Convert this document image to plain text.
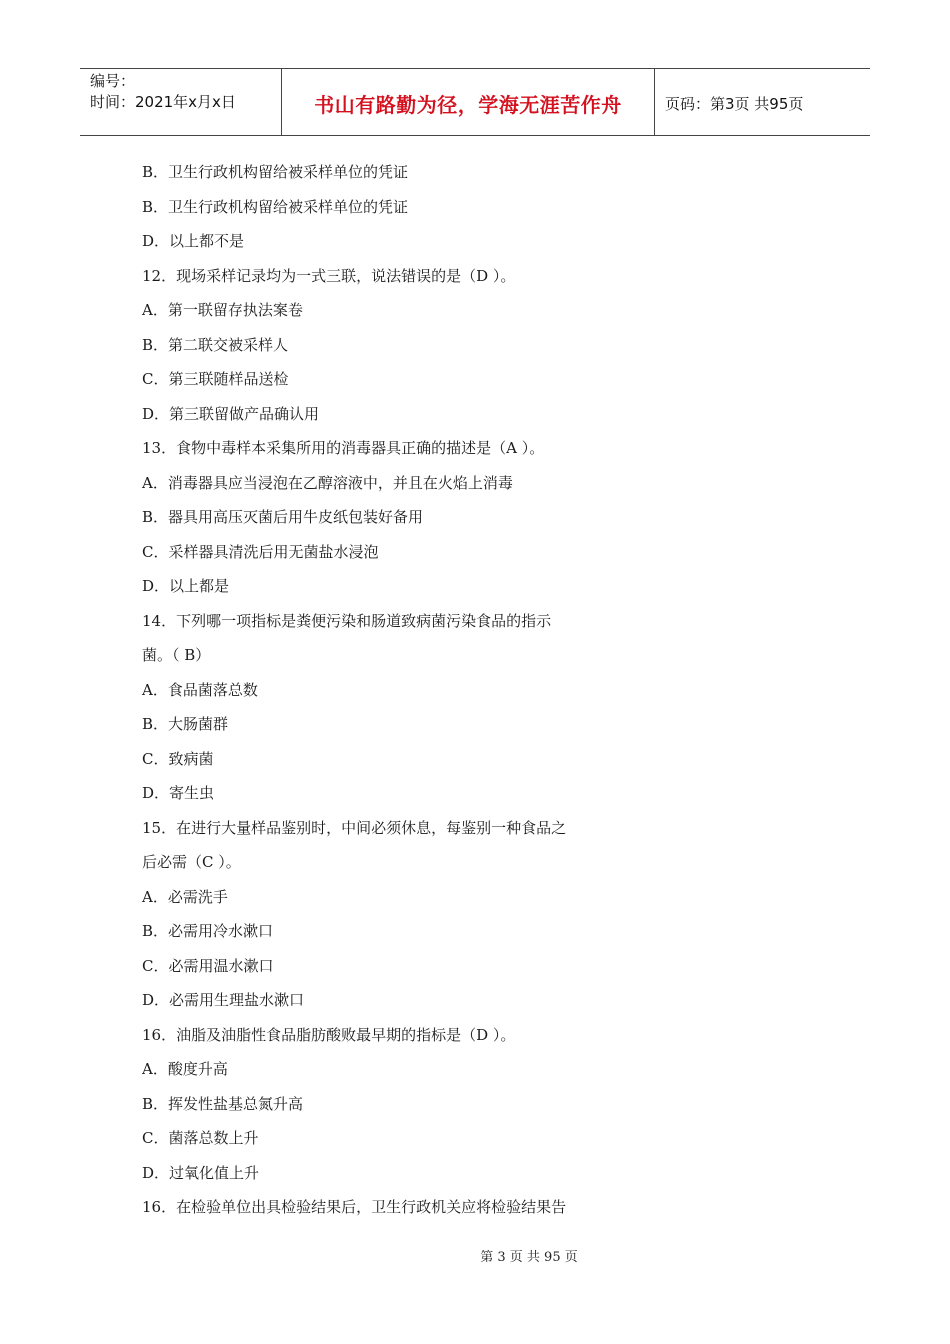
编号：
时间：2021年x月x日	书山有路勤为径，学海无涯苦作舟	页码：第3页 共95页
B．卫生行政机构留给被采样单位的凭证
B．卫生行政机构留给被采样单位的凭证
D．以上都不是
12．现场采样记录均为一式三联，说法错误的是（D ）。
A．第一联留存执法案卷
B．第二联交被采样人
C．第三联随样品送检
D．第三联留做产品确认用
13．食物中毒样本采集所用的消毒器具正确的描述是（A ）。
A．消毒器具应当浸泡在乙醇溶液中，并且在火焰上消毒
B．器具用高压灭菌后用牛皮纸包装好备用
C．采样器具清洗后用无菌盐水浸泡
D．以上都是
14．下列哪一项指标是粪便污染和肠道致病菌污染食品的指示
菌。（ B）
A．食品菌落总数
B．大肠菌群
C．致病菌
D．寄生虫
15．在进行大量样品鉴别时，中间必须休息，每鉴别一种食品之
后必需（C ）。
A．必需洗手
B．必需用冷水漱口
C．必需用温水漱口
D．必需用生理盐水漱口
16．油脂及油脂性食品脂肪酸败最早期的指标是（D ）。
A．酸度升高
B．挥发性盐基总氮升高
C．菌落总数上升
D．过氧化值上升
16．在检验单位出具检验结果后，卫生行政机关应将检验结果告
第 3 页 共 95 页
